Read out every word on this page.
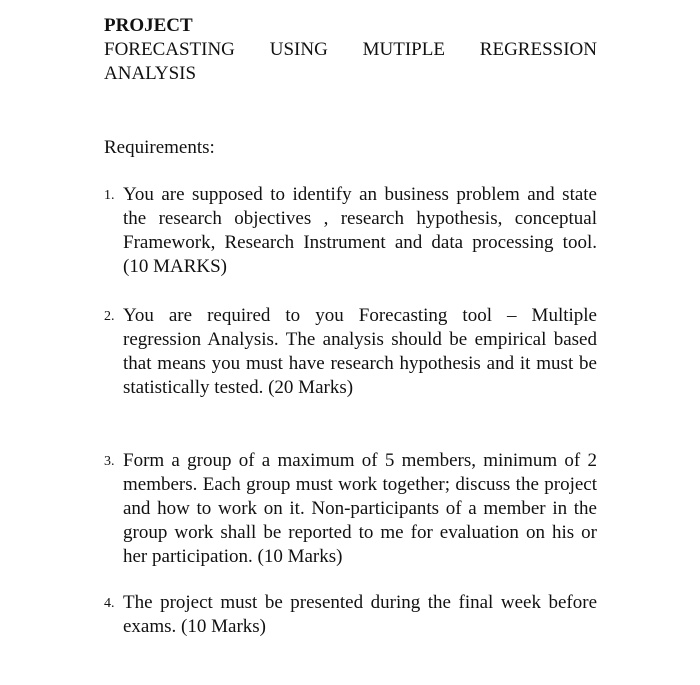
PROJECT

FORECASTING USING MUTIPLE REGRESSION
ANALYSIS

Requirements:

1. You are supposed to identify an business problem and state the research objectives , research hypothesis, conceptual Framework, Research Instrument and data processing tool. (10 MARKS)
2. You are required to you Forecasting tool – Multiple regression Analysis. The analysis should be empirical based that means you must have research hypothesis and it must be statistically tested. (20 Marks)
3. Form a group of a maximum of 5 members, minimum of 2 members. Each group must work together; discuss the project and how to work on it. Non-participants of a member in the group work shall be reported to me for evaluation on his or her participation. (10 Marks)
4. The project must be presented during the final week before exams. (10 Marks)
